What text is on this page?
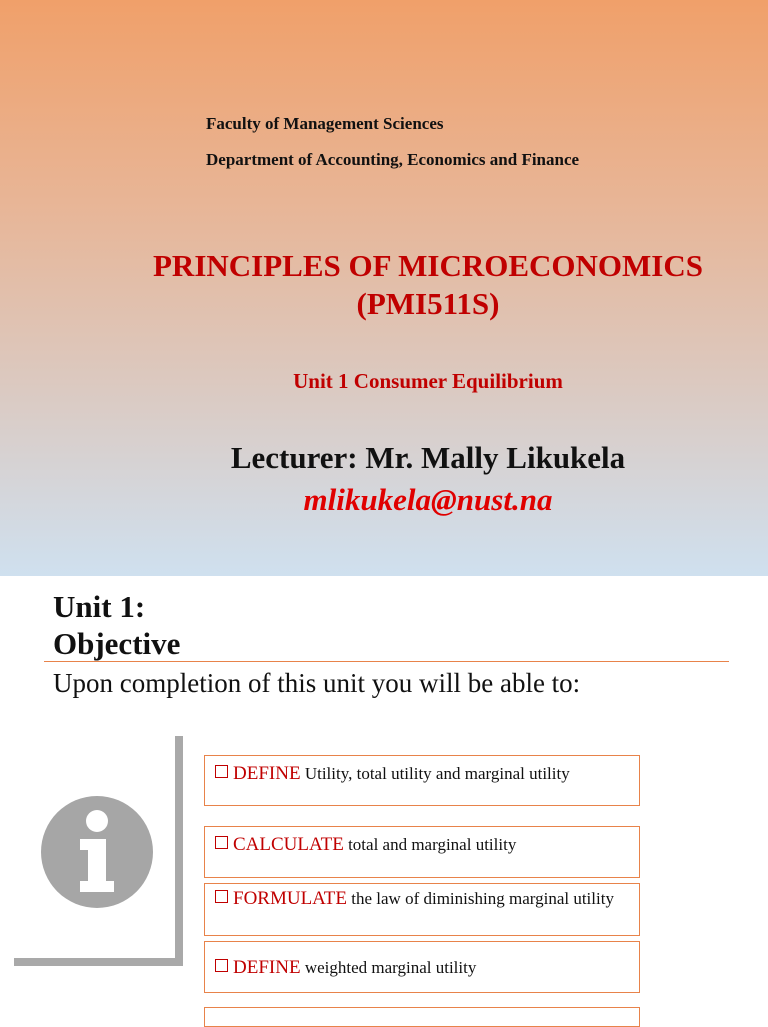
Faculty of Management Sciences
Department of Accounting, Economics and Finance
PRINCIPLES OF MICROECONOMICS
(PMI511S)
Unit 1 Consumer Equilibrium
Lecturer: Mr. Mally Likukela
mlikukela@nust.na
Unit 1:
Objective
Upon completion of this unit you will be able to:
DEFINE Utility, total utility and marginal utility
CALCULATE total and marginal utility
FORMULATE the law of diminishing marginal utility
DEFINE weighted marginal utility
